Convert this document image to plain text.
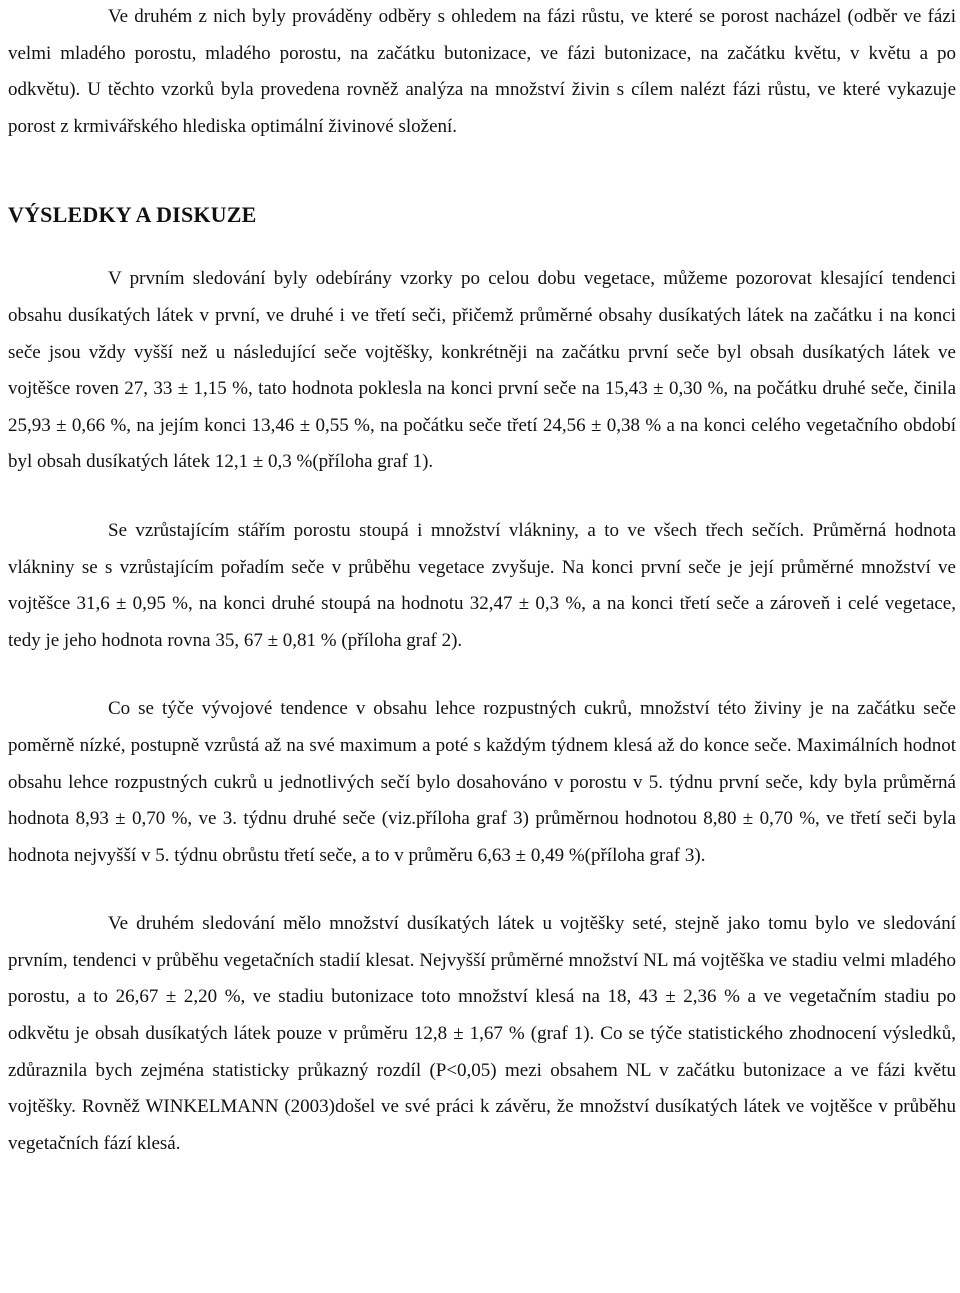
Ve druhém z nich byly prováděny odběry s ohledem na fázi růstu, ve které se porost nacházel (odběr ve fázi velmi mladého porostu, mladého porostu, na začátku butonizace, ve fázi butonizace, na začátku květu, v květu a po odkvětu). U těchto vzorků byla provedena rovněž analýza na množství živin s cílem nalézt fázi růstu, ve které vykazuje porost z krmivářského hlediska optimální živinové složení.

VÝSLEDKY A DISKUZE

V prvním sledování byly odebírány vzorky po celou dobu vegetace, můžeme pozorovat klesající tendenci obsahu dusíkatých látek v první, ve druhé i ve třetí seči, přičemž průměrné obsahy dusíkatých látek na začátku i na konci seče jsou vždy vyšší než u následující seče vojtěšky, konkrétněji na začátku první seče byl obsah dusíkatých látek ve vojtěšce roven 27, 33 ± 1,15 %, tato hodnota poklesla na konci první seče na 15,43 ± 0,30 %, na počátku druhé seče, činila 25,93 ± 0,66 %, na jejím konci 13,46 ± 0,55 %, na počátku seče třetí 24,56 ± 0,38 % a na konci celého vegetačního období byl obsah dusíkatých látek 12,1 ± 0,3 %(příloha graf 1).

Se vzrůstajícím stářím porostu stoupá i množství vlákniny, a to ve všech třech sečích. Průměrná hodnota vlákniny se s vzrůstajícím pořadím seče v průběhu vegetace zvyšuje. Na konci první seče je její průměrné množství ve vojtěšce 31,6 ± 0,95 %, na konci druhé stoupá na hodnotu 32,47 ± 0,3 %, a na konci třetí seče a zároveň i celé vegetace, tedy je jeho hodnota rovna 35, 67 ± 0,81 % (příloha graf 2).

Co se týče vývojové tendence v obsahu lehce rozpustných cukrů, množství této živiny je na začátku seče poměrně nízké, postupně vzrůstá až na své maximum a poté s každým týdnem klesá až do konce seče. Maximálních hodnot obsahu lehce rozpustných cukrů u jednotlivých sečí bylo dosahováno v porostu v 5. týdnu první seče, kdy byla průměrná hodnota 8,93 ± 0,70 %, ve 3. týdnu druhé seče (viz.příloha graf 3) průměrnou hodnotou 8,80 ± 0,70 %, ve třetí seči byla hodnota nejvyšší v 5. týdnu obrůstu třetí seče, a to v průměru 6,63 ± 0,49 %(příloha graf 3).

Ve druhém sledování mělo množství dusíkatých látek u vojtěšky seté, stejně jako tomu bylo ve sledování prvním, tendenci v průběhu vegetačních stadií klesat. Nejvyšší průměrné množství NL má vojtěška ve stadiu velmi mladého porostu, a to 26,67 ± 2,20 %, ve stadiu butonizace toto množství klesá na 18, 43 ± 2,36 % a ve vegetačním stadiu po odkvětu je obsah dusíkatých látek pouze v průměru 12,8 ± 1,67 % (graf 1). Co se týče statistického zhodnocení výsledků, zdůraznila bych zejména statisticky průkazný rozdíl (P<0,05) mezi obsahem NL v začátku butonizace a ve fázi květu vojtěšky. Rovněž WINKELMANN (2003)došel ve své práci k závěru, že množství dusíkatých látek ve vojtěšce v průběhu vegetačních fází klesá.
